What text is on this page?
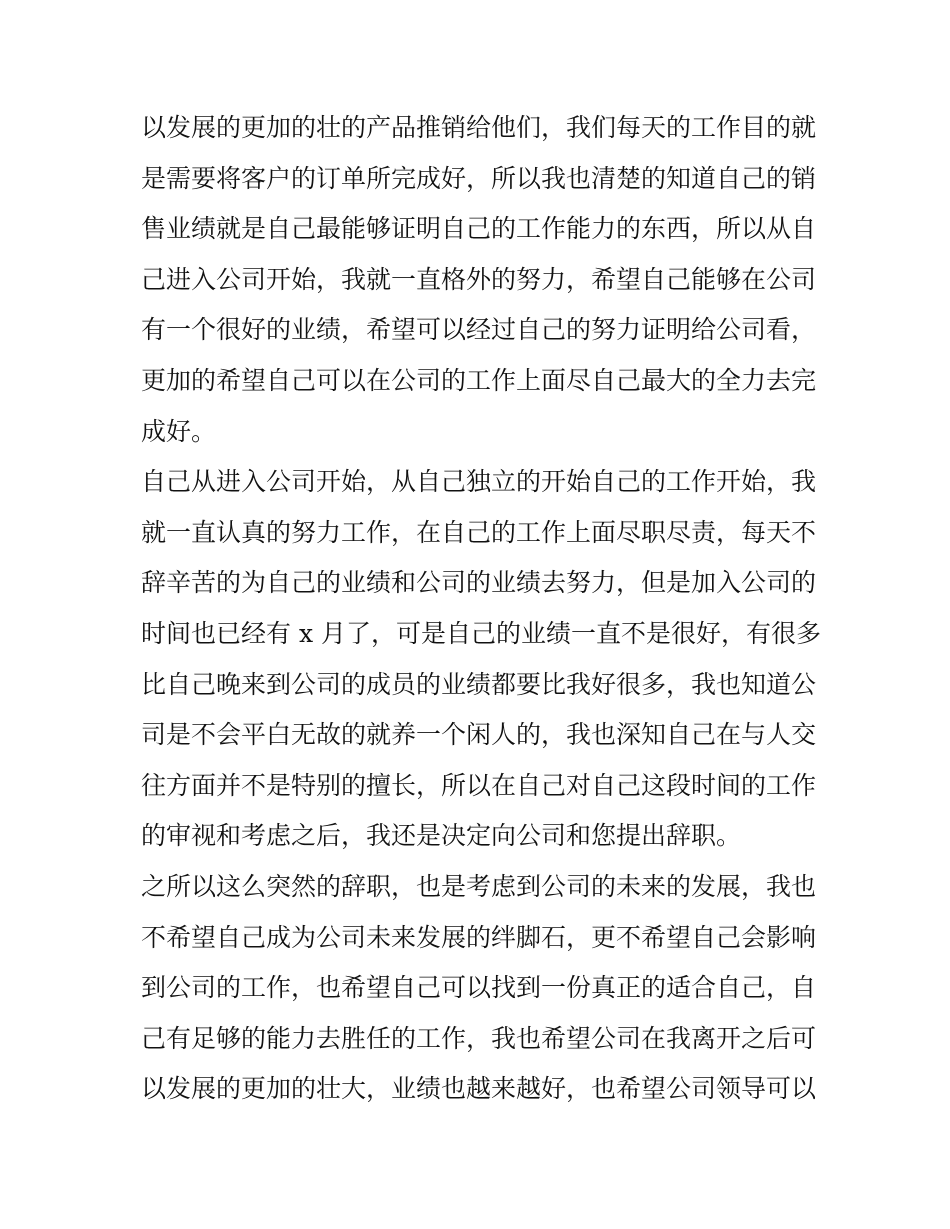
以发展的更加的壮的产品推销给他们，我们每天的工作目的就
是需要将客户的订单所完成好，所以我也清楚的知道自己的销
售业绩就是自己最能够证明自己的工作能力的东西，所以从自
己进入公司开始，我就一直格外的努力，希望自己能够在公司
有一个很好的业绩，希望可以经过自己的努力证明给公司看，
更加的希望自己可以在公司的工作上面尽自己最大的全力去完
成好。
自己从进入公司开始，从自己独立的开始自己的工作开始，我
就一直认真的努力工作，在自己的工作上面尽职尽责，每天不
辞辛苦的为自己的业绩和公司的业绩去努力，但是加入公司的
时间也已经有 x 月了，可是自己的业绩一直不是很好，有很多
比自己晚来到公司的成员的业绩都要比我好很多，我也知道公
司是不会平白无故的就养一个闲人的，我也深知自己在与人交
往方面并不是特别的擅长，所以在自己对自己这段时间的工作
的审视和考虑之后，我还是决定向公司和您提出辞职。
之所以这么突然的辞职，也是考虑到公司的未来的发展，我也
不希望自己成为公司未来发展的绊脚石，更不希望自己会影响
到公司的工作，也希望自己可以找到一份真正的适合自己，自
己有足够的能力去胜任的工作，我也希望公司在我离开之后可
以发展的更加的壮大，业绩也越来越好，也希望公司领导可以
